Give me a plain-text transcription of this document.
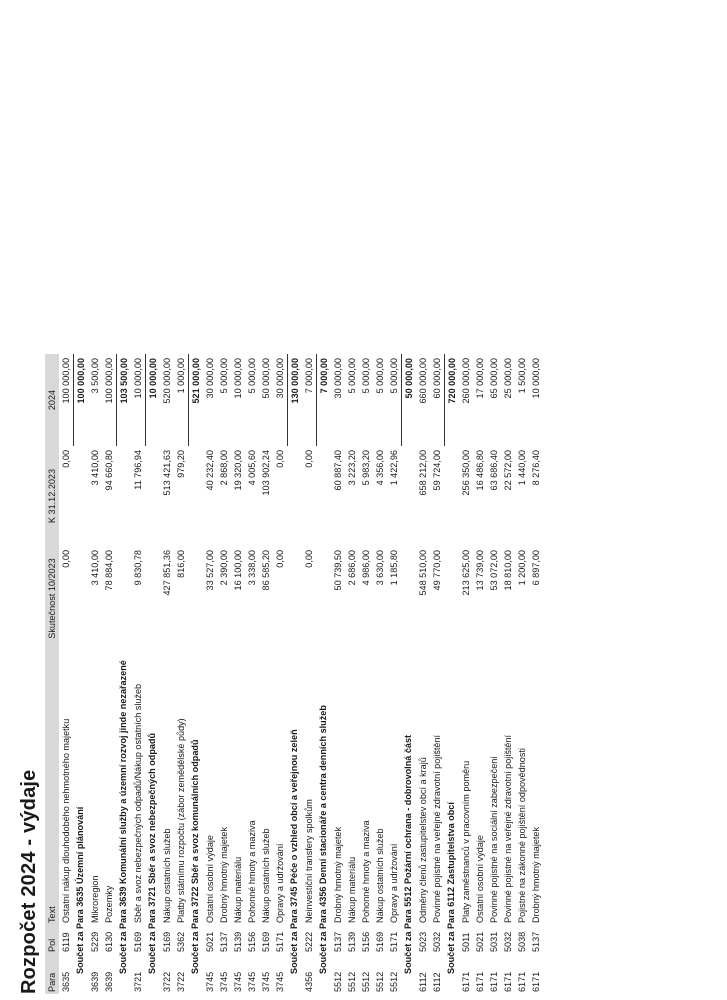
Rozpočet 2024 - výdaje Para	Pol	Text	Skutečnost 10/2023	K 31.12.2023	2024
3635	6119	Ostatní nákup dlouhodobého nehmotného majetku	0,00	0,00	100 000,00
Součet za Para 3635 Územní plánování					100 000,00
3639	5229	Mikroregion	3 410,00	3 410,00	3 500,00
3639	6130	Pozemky	78 884,00	94 660,80	100 000,00
Součet za Para 3639 Komunální služby a územní rozvoj jinde nezařazené					103 500,00
3721	5169	Sběr a svoz nebezpečných odpadů/Nákup ostatních služeb	9 830,78	11 796,94	10 000,00
Součet za Para 3721 Sběr a svoz nebezpečných odpadů					10 000,00
3722	5169	Nákup ostatních služeb	427 851,36	513 421,63	520 000,00
3722	5362	Platby státnímu rozpočtu (zábor zemědělské půdy)	816,00	979,20	1 000,00
Součet za Para 3722 Sběr a svoz komunálních odpadů					521 000,00
3745	5021	Ostatní osobní výdaje	33 527,00	40 232,40	30 000,00
3745	5137	Drobný hmotný majetek	2 390,00	2 868,00	5 000,00
3745	5139	Nákup materiálu	16 100,00	19 320,00	10 000,00
3745	5156	Pohonné hmoty a maziva	3 338,00	4 005,60	5 000,00
3745	5169	Nákup ostatních služeb	86 585,20	103 902,24	50 000,00
3745	5171	Opravy a udržování	0,00	0,00	30 000,00
Součet za Para 3745 Péče o vzhled obcí a veřejnou zeleň					130 000,00
4356	5222	Neinvestiční transfery spolkům	0,00	0,00	7 000,00
Součet za Para 4356 Denní stacionáře a centra denních služeb					7 000,00
5512	5137	Drobný hmotný majetek	50 739,50	60 887,40	30 000,00
5512	5139	Nákup materiálu	2 686,00	3 223,20	5 000,00
5512	5156	Pohonné hmoty a maziva	4 986,00	5 983,20	5 000,00
5512	5169	Nákup ostatních služeb	3 630,00	4 356,00	5 000,00
5512	5171	Opravy a udržování	1 185,80	1 422,96	5 000,00
Součet za Para 5512 Požární ochrana - dobrovolná část					50 000,00
6112	5023	Odměny členů zastupitelstev obcí a krajů	548 510,00	658 212,00	660 000,00
6112	5032	Povinné pojistné na veřejné zdravotní pojištění	49 770,00	59 724,00	60 000,00
Součet za Para 6112 Zastupitelstva obcí					720 000,00
6171	5011	Platy zaměstnanců v pracovním poměru	213 625,00	256 350,00	260 000,00
6171	5021	Ostatní osobní výdaje	13 739,00	16 486,80	17 000,00
6171	5031	Povinné pojistné na sociální zabezpečení	53 072,00	63 686,40	65 000,00
6171	5032	Povinné pojistné na veřejné zdravotní pojištění	18 810,00	22 572,00	25 000,00
6171	5038	Pojistné na zákonné pojištění odpovědnosti	1 200,00	1 440,00	1 500,00
6171	5137	Drobný hmotný majetek	6 897,00	8 276,40	10 000,00
